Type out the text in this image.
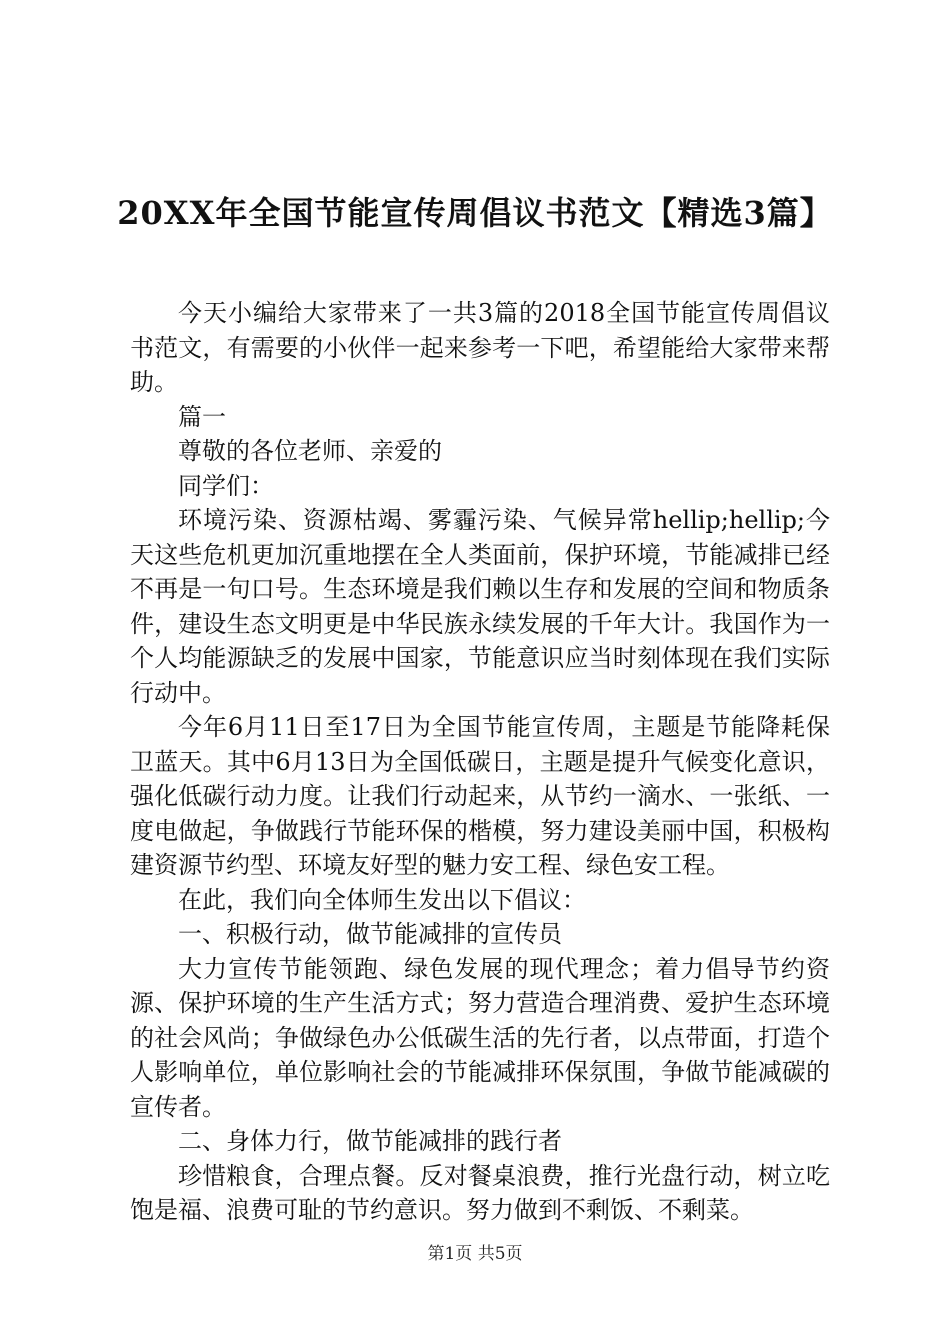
20XX年全国节能宣传周倡议书范文【精选3篇】

今天小编给大家带来了一共3篇的2018全国节能宣传周倡议书范文，有需要的小伙伴一起来参考一下吧，希望能给大家带来帮助。

篇一

尊敬的各位老师、亲爱的

同学们：

环境污染、资源枯竭、雾霾污染、气候异常hellip;hellip;今天这些危机更加沉重地摆在全人类面前，保护环境，节能减排已经不再是一句口号。生态环境是我们赖以生存和发展的空间和物质条件，建设生态文明更是中华民族永续发展的千年大计。我国作为一个人均能源缺乏的发展中国家，节能意识应当时刻体现在我们实际行动中。

今年6月11日至17日为全国节能宣传周，主题是节能降耗保卫蓝天。其中6月13日为全国低碳日，主题是提升气候变化意识，强化低碳行动力度。让我们行动起来，从节约一滴水、一张纸、一度电做起，争做践行节能环保的楷模，努力建设美丽中国，积极构建资源节约型、环境友好型的魅力安工程、绿色安工程。

在此，我们向全体师生发出以下倡议：

一、积极行动，做节能减排的宣传员

大力宣传节能领跑、绿色发展的现代理念；着力倡导节约资源、保护环境的生产生活方式；努力营造合理消费、爱护生态环境的社会风尚；争做绿色办公低碳生活的先行者，以点带面，打造个人影响单位，单位影响社会的节能减排环保氛围，争做节能减碳的宣传者。

二、身体力行，做节能减排的践行者

珍惜粮食，合理点餐。反对餐桌浪费，推行光盘行动，树立吃饱是福、浪费可耻的节约意识。努力做到不剩饭、不剩菜。

第1页 共5页
